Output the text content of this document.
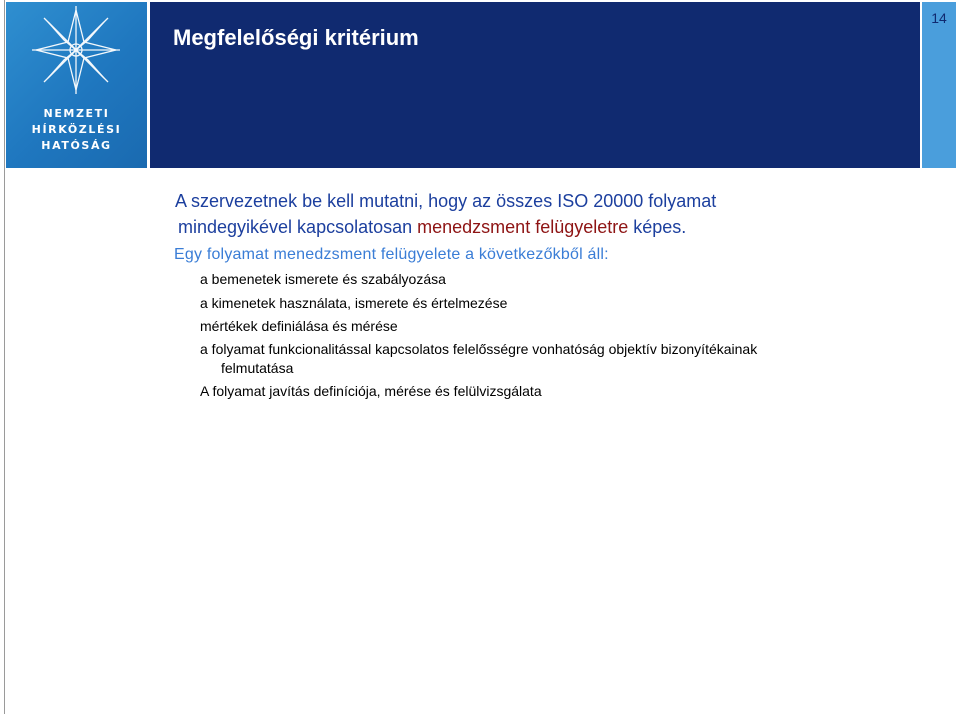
NEMZETI
HÍRKÖZLÉSI
HATÓSÁG
Megfelelőségi kritérium
14
A szervezetnek be kell mutatni, hogy az összes ISO 20000 folyamat
mindegyikével kapcsolatosan menedzsment felügyeletre képes.
Egy folyamat menedzsment felügyelete a következőkből áll:
a bemenetek ismerete és szabályozása
a kimenetek használata, ismerete és értelmezése
mértékek definiálása és mérése
a folyamat funkcionalitással kapcsolatos felelősségre vonhatóság objektív bizonyítékainak
felmutatása
A folyamat javítás definíciója, mérése és felülvizsgálata
